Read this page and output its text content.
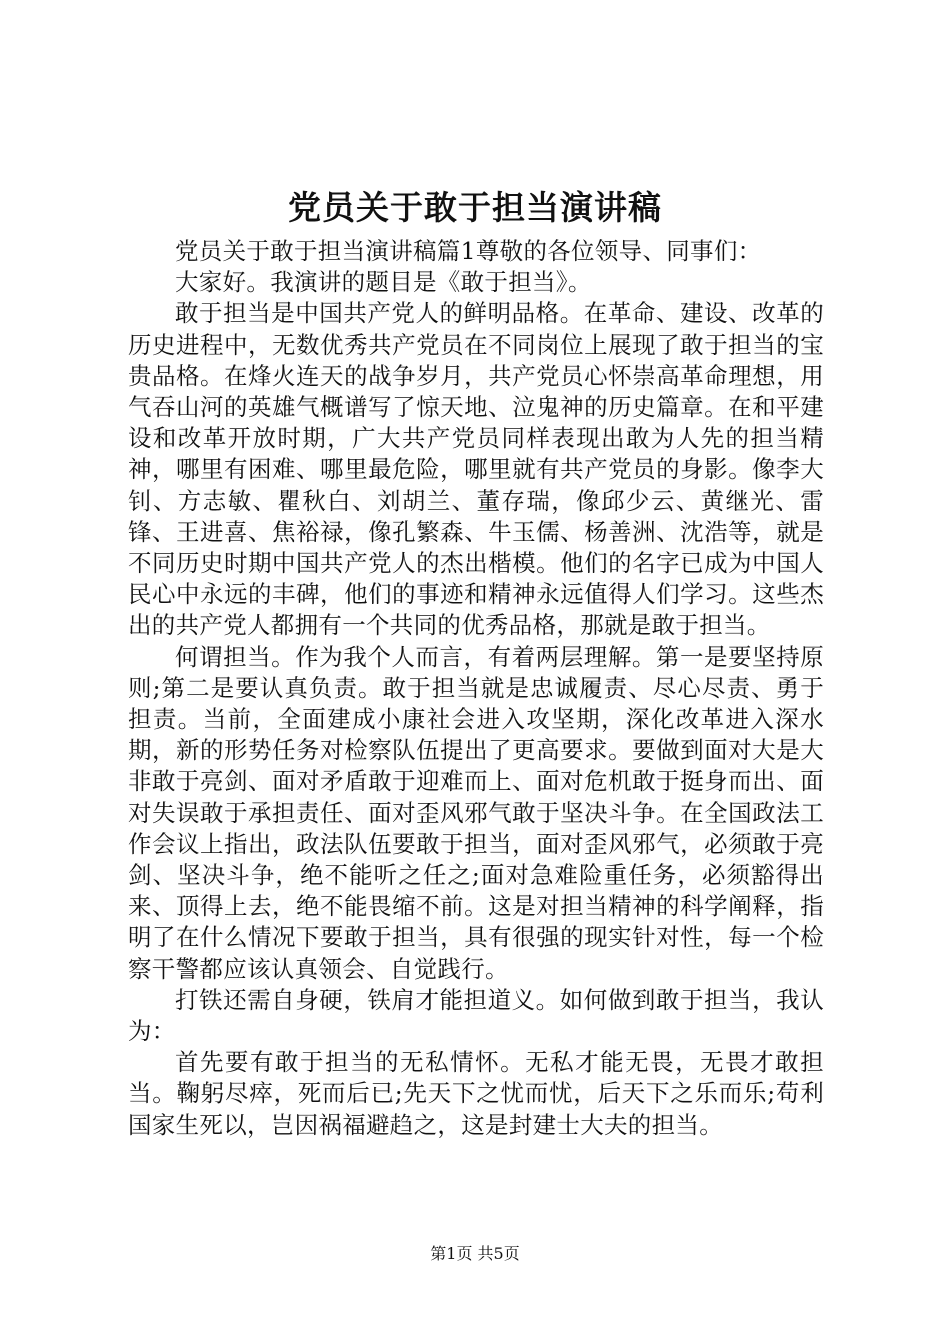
党员关于敢于担当演讲稿

党员关于敢于担当演讲稿篇1尊敬的各位领导、同事们：

大家好。我演讲的题目是《敢于担当》。

敢于担当是中国共产党人的鲜明品格。在革命、建设、改革的历史进程中，无数优秀共产党员在不同岗位上展现了敢于担当的宝贵品格。在烽火连天的战争岁月，共产党员心怀崇高革命理想，用气吞山河的英雄气概谱写了惊天地、泣鬼神的历史篇章。在和平建设和改革开放时期，广大共产党员同样表现出敢为人先的担当精神，哪里有困难、哪里最危险，哪里就有共产党员的身影。像李大钊、方志敏、瞿秋白、刘胡兰、董存瑞，像邱少云、黄继光、雷锋、王进喜、焦裕禄，像孔繁森、牛玉儒、杨善洲、沈浩等，就是不同历史时期中国共产党人的杰出楷模。他们的名字已成为中国人民心中永远的丰碑，他们的事迹和精神永远值得人们学习。这些杰出的共产党人都拥有一个共同的优秀品格，那就是敢于担当。

何谓担当。作为我个人而言，有着两层理解。第一是要坚持原则;第二是要认真负责。敢于担当就是忠诚履责、尽心尽责、勇于担责。当前，全面建成小康社会进入攻坚期，深化改革进入深水期，新的形势任务对检察队伍提出了更高要求。要做到面对大是大非敢于亮剑、面对矛盾敢于迎难而上、面对危机敢于挺身而出、面对失误敢于承担责任、面对歪风邪气敢于坚决斗争。在全国政法工作会议上指出，政法队伍要敢于担当，面对歪风邪气，必须敢于亮剑、坚决斗争，绝不能听之任之;面对急难险重任务，必须豁得出来、顶得上去，绝不能畏缩不前。这是对担当精神的科学阐释，指明了在什么情况下要敢于担当，具有很强的现实针对性，每一个检察干警都应该认真领会、自觉践行。

打铁还需自身硬，铁肩才能担道义。如何做到敢于担当，我认为：

首先要有敢于担当的无私情怀。无私才能无畏，无畏才敢担当。鞠躬尽瘁，死而后已;先天下之忧而忧，后天下之乐而乐;苟利国家生死以，岂因祸福避趋之，这是封建士大夫的担当。

第1页 共5页
